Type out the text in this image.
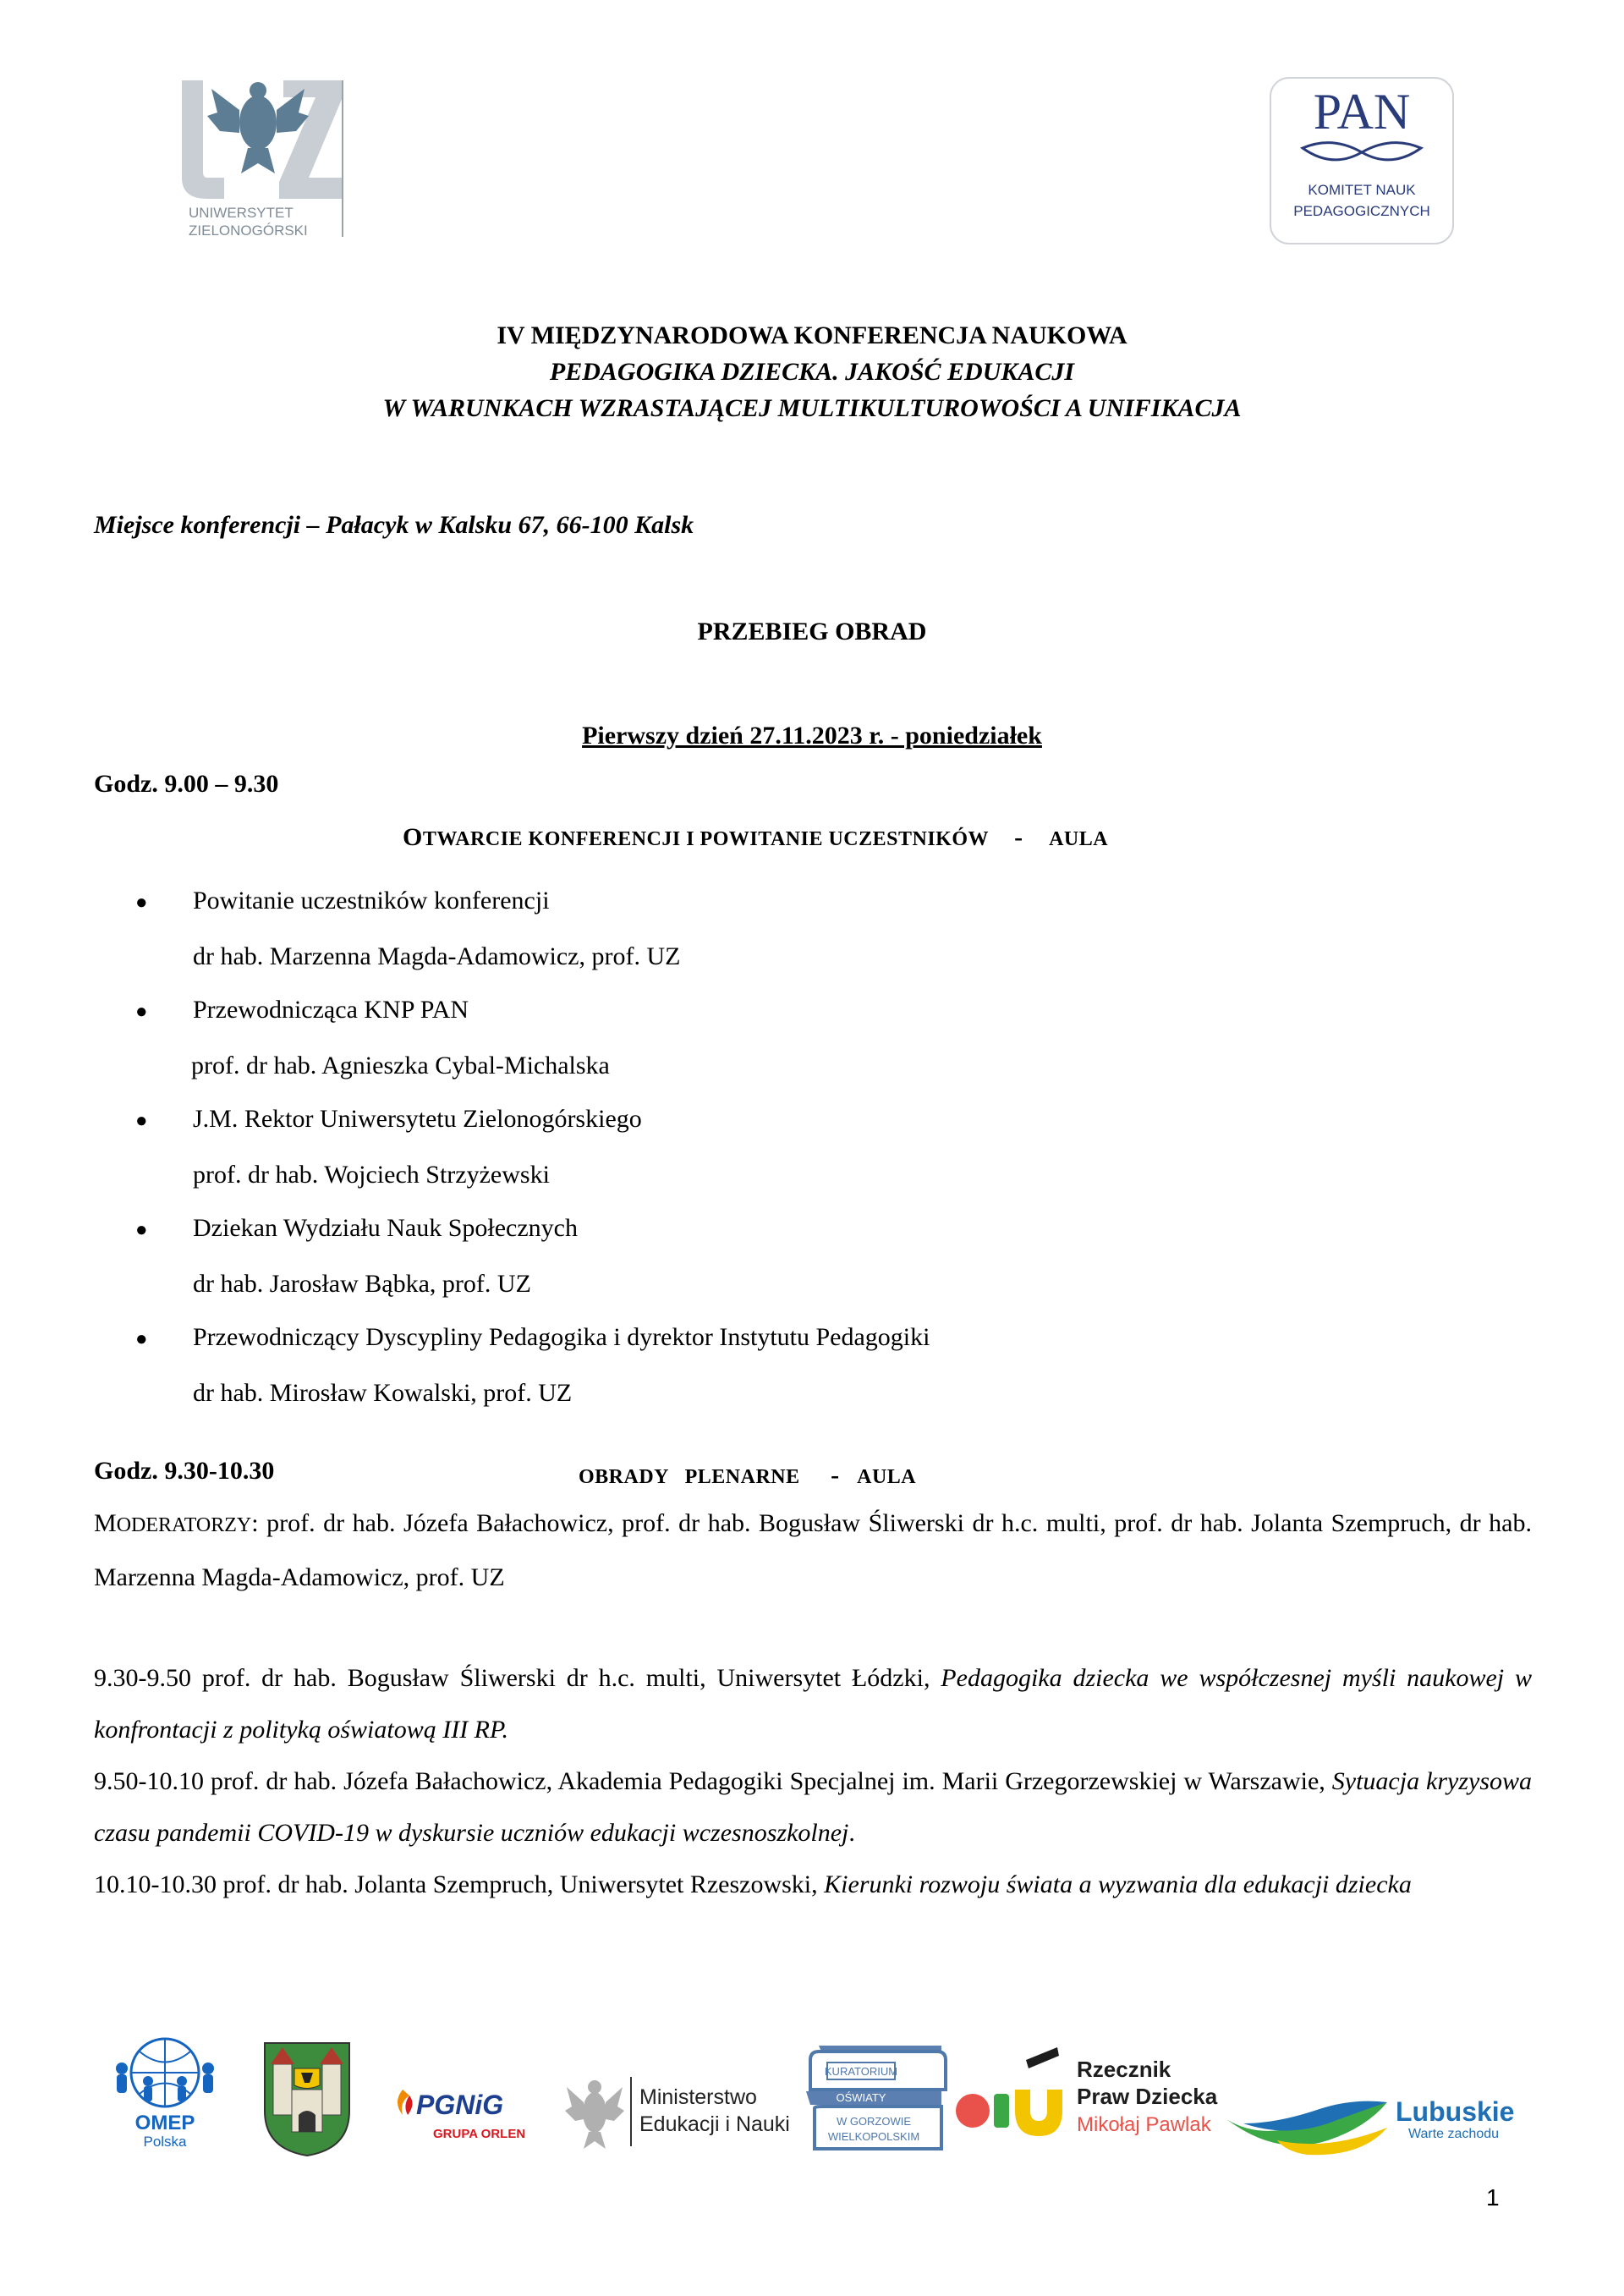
UNIWERSYTET
ZIELONOGÓRSKI
PAN
KOMITET NAUK
PEDAGOGICZNYCH
IV MIĘDZYNARODOWA KONFERENCJA NAUKOWA
PEDAGOGIKA DZIECKA. JAKOŚĆ EDUKACJI
W WARUNKACH WZRASTAJĄCEJ MULTIKULTUROWOŚCI A UNIFIKACJA
Miejsce konferencji – Pałacyk w Kalsku 67, 66-100 Kalsk
PRZEBIEG OBRAD
Pierwszy dzień 27.11.2023 r. - poniedziałek
Godz. 9.00 – 9.30
OTWARCIE KONFERENCJI I POWITANIE UCZESTNIKÓW - AULA
●	Powitanie uczestników konferencji
dr hab. Marzenna Magda-Adamowicz, prof. UZ
●	Przewodnicząca KNP PAN
prof. dr hab. Agnieszka Cybal-Michalska
●	J.M. Rektor Uniwersytetu Zielonogórskiego
prof. dr hab. Wojciech Strzyżewski
●	Dziekan Wydziału Nauk Społecznych
dr hab. Jarosław Bąbka, prof. UZ
●	Przewodniczący Dyscypliny Pedagogika i dyrektor Instytutu Pedagogiki
dr hab. Mirosław Kowalski, prof. UZ
Godz. 9.30-10.30	OBRADY   PLENARNE - AULA
MODERATORZY: prof. dr hab. Józefa Bałachowicz, prof. dr hab. Bogusław Śliwerski dr h.c. multi, prof. dr hab. Jolanta Szempruch, dr hab. Marzenna Magda-Adamowicz, prof. UZ
9.30-9.50 prof. dr hab. Bogusław Śliwerski dr h.c. multi, Uniwersytet Łódzki, Pedagogika dziecka we współczesnej myśli naukowej w konfrontacji z polityką oświatową III RP.
9.50-10.10 prof. dr hab. Józefa Bałachowicz, Akademia Pedagogiki Specjalnej im. Marii Grzegorzewskiej w Warszawie, Sytuacja kryzysowa czasu pandemii COVID-19 w dyskursie uczniów edukacji wczesnoszkolnej.
10.10-10.30 prof. dr hab. Jolanta Szempruch, Uniwersytet Rzeszowski, Kierunki rozwoju świata a wyzwania dla edukacji dziecka
OMEP
Polska
PGNiG
GRUPA ORLEN
Ministerstwo
Edukacji i Nauki
KURATORIUM
OŚWIATY
W GORZOWIE
WIELKOPOLSKIM
Rzecznik
Praw Dziecka
Mikołaj Pawlak	Lubuskie
Warte zachodu
1
